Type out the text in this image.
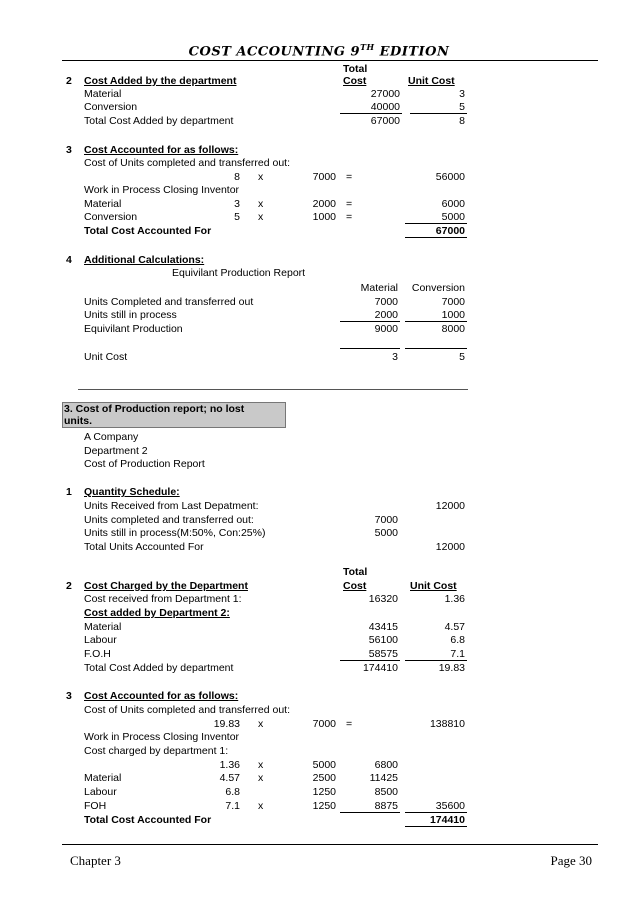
COST ACCOUNTING 9TH EDITION
Total
2 Cost Added by the department	Cost	Unit Cost
Material	27000	3
Conversion	40000	5
Total Cost Added by department	67000	8
3 Cost Accounted for as follows:
Cost of Units completed and transferred out:
8 x	7000 =	56000
Work in Process Closing Inventor
Material	3 x	2000 =	6000
Conversion	5 x	1000 =	5000
Total Cost Accounted For	67000
4 Additional Calculations:
Equivilant Production Report
Material	Conversion
Units Completed and transferred out	7000	7000
Units still in process	2000	1000
Equivilant Production	9000	8000
Unit Cost	3	5
3. Cost of Production report; no lost
units.
A Company
Department 2
Cost of Production Report
1 Quantity Schedule:
Units Received from Last Depatment:	12000
Units completed and transferred out:	7000
Units still in process(M:50%, Con:25%)	5000
Total Units Accounted For	12000
Total
2 Cost Charged by the Department	Cost	Unit Cost
Cost received from Department 1:	16320	1.36
Cost added by Department 2:
Material	43415	4.57
Labour	56100	6.8
F.O.H	58575	7.1
Total Cost Added by department	174410	19.83
3 Cost Accounted for as follows:
Cost of Units completed and transferred out:
19.83 x	7000 =	138810
Work in Process Closing Inventor
Cost charged by department 1:
1.36 x	5000	6800
Material	4.57 x	2500	11425
Labour	6.8	1250	8500
FOH	7.1 x	1250	8875	35600
Total Cost Accounted For	174410
Chapter 3	Page 30
